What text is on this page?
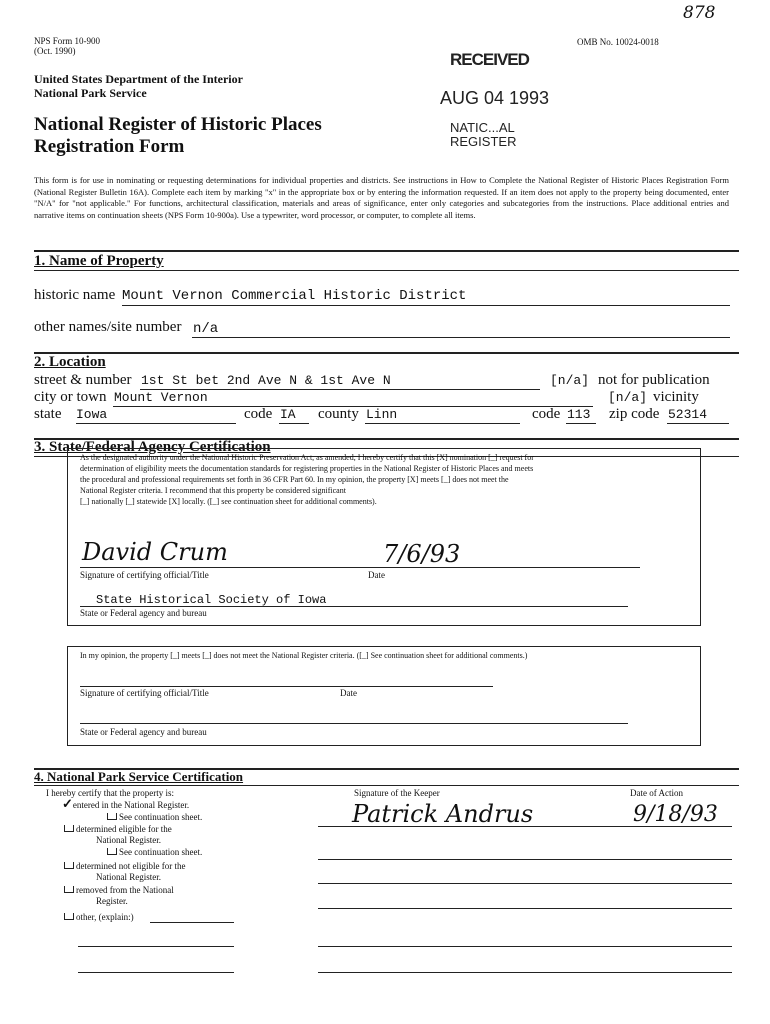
878
NPS Form 10-900
(Oct. 1990)
OMB No. 10024-0018
United States Department of the Interior
National Park Service
National Register of Historic Places
Registration Form
RECEIVED
AUG 04 1993
NATIC...AL
REGISTER
This form is for use in nominating or requesting determinations for individual properties and districts. See instructions in How to Complete the National Register of Historic Places Registration Form (National Register Bulletin 16A). Complete each item by marking "x" in the appropriate box or by entering the information requested. If an item does not apply to the property being documented, enter "N/A" for "not applicable." For functions, architectural classification, materials and areas of significance, enter only categories and subcategories from the instructions. Place additional entries and narrative items on continuation sheets (NPS Form 10-900a). Use a typewriter, word processor, or computer, to complete all items.
1. Name of Property
historic name Mount Vernon Commercial Historic District
other names/site number n/a
2. Location
street & number 1st St bet 2nd Ave N & 1st Ave N	[n/a] not for publication
city or town Mount Vernon	[n/a] vicinity
state Iowa	code IA county Linn	code 113 zip code 52314
3. State/Federal Agency Certification
As the designated authority under the National Historic Preservation Act, as amended, I hereby certify that this [X] nomination [_] request for
determination of eligibility meets the documentation standards for registering properties in the National Register of Historic Places and meets
the procedural and professional requirements set forth in 36 CFR Part 60. In my opinion, the property [X] meets [_] does not meet the
National Register criteria. I recommend that this property be considered significant
[_] nationally [_] statewide [X] locally. ([_] see continuation sheet for additional comments).
David Crum	7/6/93
Signature of certifying official/Title	Date
State Historical Society of Iowa
State or Federal agency and bureau
In my opinion, the property [_] meets [_] does not meet the National Register criteria. ([_] See continuation sheet for additional comments.)
Signature of certifying official/Title	Date
State or Federal agency and bureau
4. National Park Service Certification
I hereby certify that the property is:	Signature of the Keeper	Date of Action
Patrick Andrus	9/18/93
✓entered in the National Register.
See continuation sheet.
determined eligible for the
National Register.
See continuation sheet.
determined not eligible for the
National Register.
removed from the National
Register.
other, (explain:)
